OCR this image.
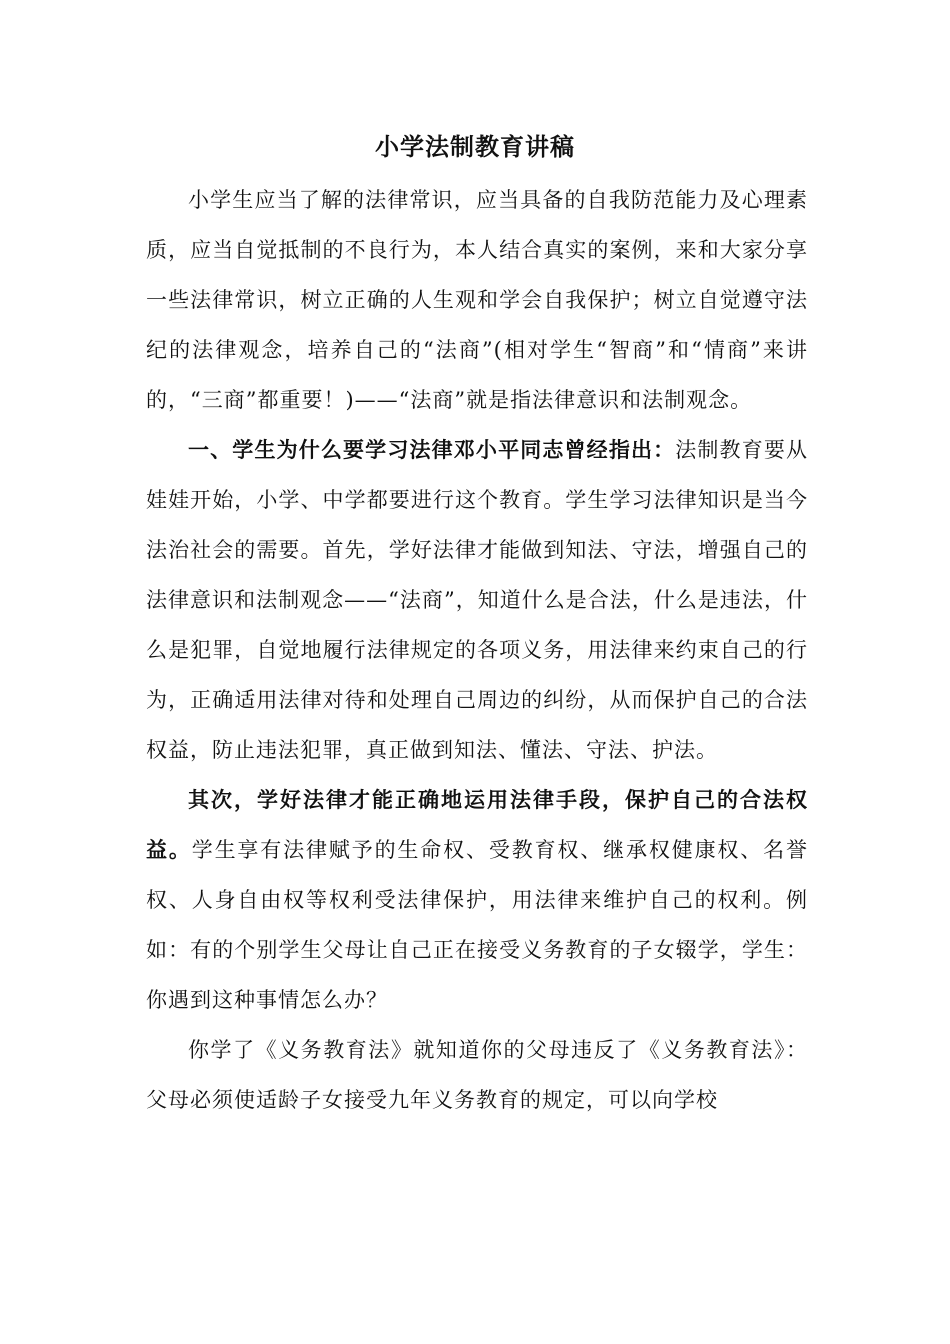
小学法制教育讲稿

小学生应当了解的法律常识，应当具备的自我防范能力及心理素质，应当自觉抵制的不良行为，本人结合真实的案例，来和大家分享一些法律常识，树立正确的人生观和学会自我保护；树立自觉遵守法纪的法律观念，培养自己的“法商”(相对学生“智商”和“情商”来讲的，“三商”都重要！)——“法商”就是指法律意识和法制观念。

一、学生为什么要学习法律邓小平同志曾经指出：法制教育要从娃娃开始，小学、中学都要进行这个教育。学生学习法律知识是当今法治社会的需要。首先，学好法律才能做到知法、守法，增强自己的法律意识和法制观念——“法商”，知道什么是合法，什么是违法，什么是犯罪，自觉地履行法律规定的各项义务，用法律来约束自己的行为，正确适用法律对待和处理自己周边的纠纷，从而保护自己的合法权益，防止违法犯罪，真正做到知法、懂法、守法、护法。

其次，学好法律才能正确地运用法律手段，保护自己的合法权益。学生享有法律赋予的生命权、受教育权、继承权健康权、名誉权、人身自由权等权利受法律保护，用法律来维护自己的权利。例如：有的个别学生父母让自己正在接受义务教育的子女辍学，学生：你遇到这种事情怎么办？

你学了《义务教育法》就知道你的父母违反了《义务教育法》：父母必须使适龄子女接受九年义务教育的规定，可以向学校
